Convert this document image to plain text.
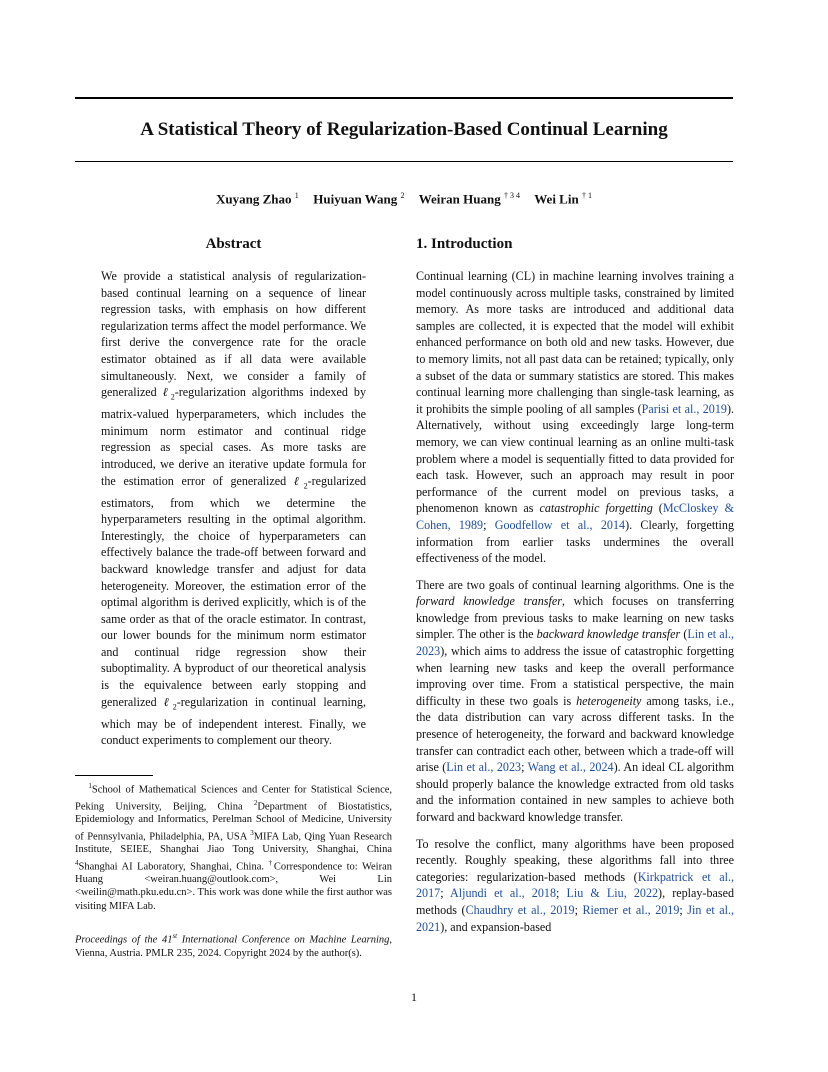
A Statistical Theory of Regularization-Based Continual Learning
Xuyang Zhao $^1$ Huiyuan Wang $^2$ Weiran Huang $^{\dagger 3 4}$ Wei Lin $^{\dagger 1}$
Abstract
We provide a statistical analysis of regularization-based continual learning on a sequence of linear regression tasks, with emphasis on how different regularization terms affect the model performance. We first derive the convergence rate for the oracle estimator obtained as if all data were available simultaneously. Next, we consider a family of generalized ℓ$_2$-regularization algorithms indexed by matrix-valued hyperparameters, which includes the minimum norm estimator and continual ridge regression as special cases. As more tasks are introduced, we derive an iterative update formula for the estimation error of generalized ℓ$_2$-regularized estimators, from which we determine the hyperparameters resulting in the optimal algorithm. Interestingly, the choice of hyperparameters can effectively balance the trade-off between forward and backward knowledge transfer and adjust for data heterogeneity. Moreover, the estimation error of the optimal algorithm is derived explicitly, which is of the same order as that of the oracle estimator. In contrast, our lower bounds for the minimum norm estimator and continual ridge regression show their suboptimality. A byproduct of our theoretical analysis is the equivalence between early stopping and generalized ℓ$_2$-regularization in continual learning, which may be of independent interest. Finally, we conduct experiments to complement our theory.
$^1$School of Mathematical Sciences and Center for Statistical Science, Peking University, Beijing, China $^2$Department of Biostatistics, Epidemiology and Informatics, Perelman School of Medicine, University of Pennsylvania, Philadelphia, PA, USA $^3$MIFA Lab, Qing Yuan Research Institute, SEIEE, Shanghai Jiao Tong University, Shanghai, China $^4$Shanghai AI Laboratory, Shanghai, China. †Correspondence to: Weiran Huang <weiran.huang@outlook.com>, Wei Lin <weilin@math.pku.edu.cn>. This work was done while the first author was visiting MIFA Lab.
Proceedings of the 41st International Conference on Machine Learning, Vienna, Austria. PMLR 235, 2024. Copyright 2024 by the author(s).
1. Introduction

Continual learning (CL) in machine learning involves training a model continuously across multiple tasks, constrained by limited memory. As more tasks are introduced and additional data samples are collected, it is expected that the model will exhibit enhanced performance on both old and new tasks. However, due to memory limits, not all past data can be retained; typically, only a subset of the data or summary statistics are stored. This makes continual learning more challenging than single-task learning, as it prohibits the simple pooling of all samples (Parisi et al., 2019). Alternatively, without using exceedingly large long-term memory, we can view continual learning as an online multi-task problem where a model is sequentially fitted to data provided for each task. However, such an approach may result in poor performance of the current model on previous tasks, a phenomenon known as catastrophic forgetting (McCloskey & Cohen, 1989; Goodfellow et al., 2014). Clearly, forgetting information from earlier tasks undermines the overall effectiveness of the model.

There are two goals of continual learning algorithms. One is the forward knowledge transfer, which focuses on transferring knowledge from previous tasks to make learning on new tasks simpler. The other is the backward knowledge transfer (Lin et al., 2023), which aims to address the issue of catastrophic forgetting when learning new tasks and keep the overall performance improving over time. From a statistical perspective, the main difficulty in these two goals is heterogeneity among tasks, i.e., the data distribution can vary across different tasks. In the presence of heterogeneity, the forward and backward knowledge transfer can contradict each other, between which a trade-off will arise (Lin et al., 2023; Wang et al., 2024). An ideal CL algorithm should properly balance the knowledge extracted from old tasks and the information contained in new samples to achieve both forward and backward knowledge transfer.

To resolve the conflict, many algorithms have been proposed recently. Roughly speaking, these algorithms fall into three categories: regularization-based methods (Kirkpatrick et al., 2017; Aljundi et al., 2018; Liu & Liu, 2022), replay-based methods (Chaudhry et al., 2019; Riemer et al., 2019; Jin et al., 2021), and expansion-based

1
